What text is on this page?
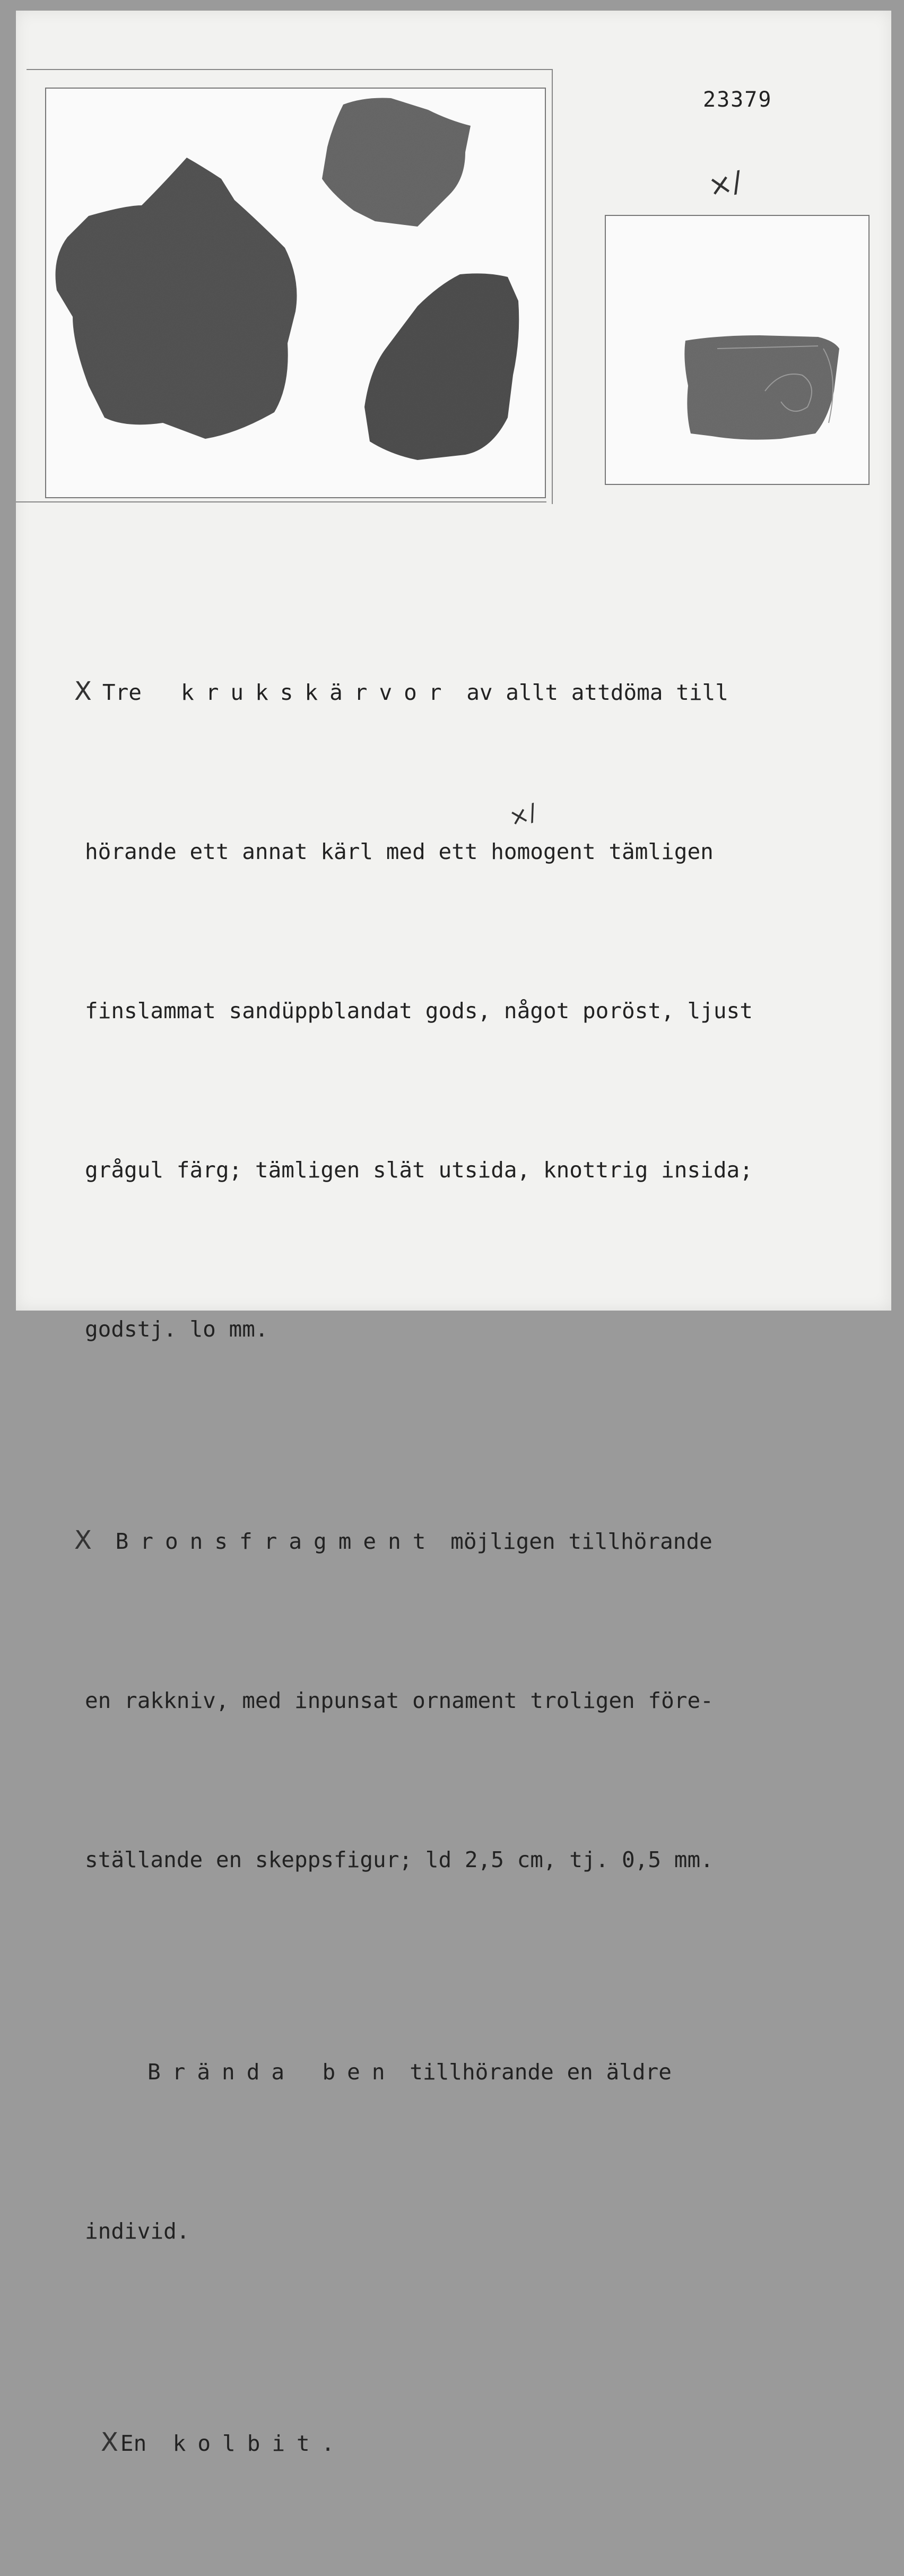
23379
×/

X Tre krukskärvor av allt attdöma till

hörande ett annat kärl med ett homogent tämligen

finslammat sandüppblandat gods, något poröst, ljust

grågul färg; tämligen slät utsida, knottrig insida;

godstj. lo mm.

X Bronsfragment möjligen tillhörande

en rakkniv, med inpunsat ornament troligen före-

ställande en skeppsfigur; ld 2,5 cm, tj. 0,5 mm.

Brända ben tillhörande en äldre

individ.

XEn kolbit.

×/
